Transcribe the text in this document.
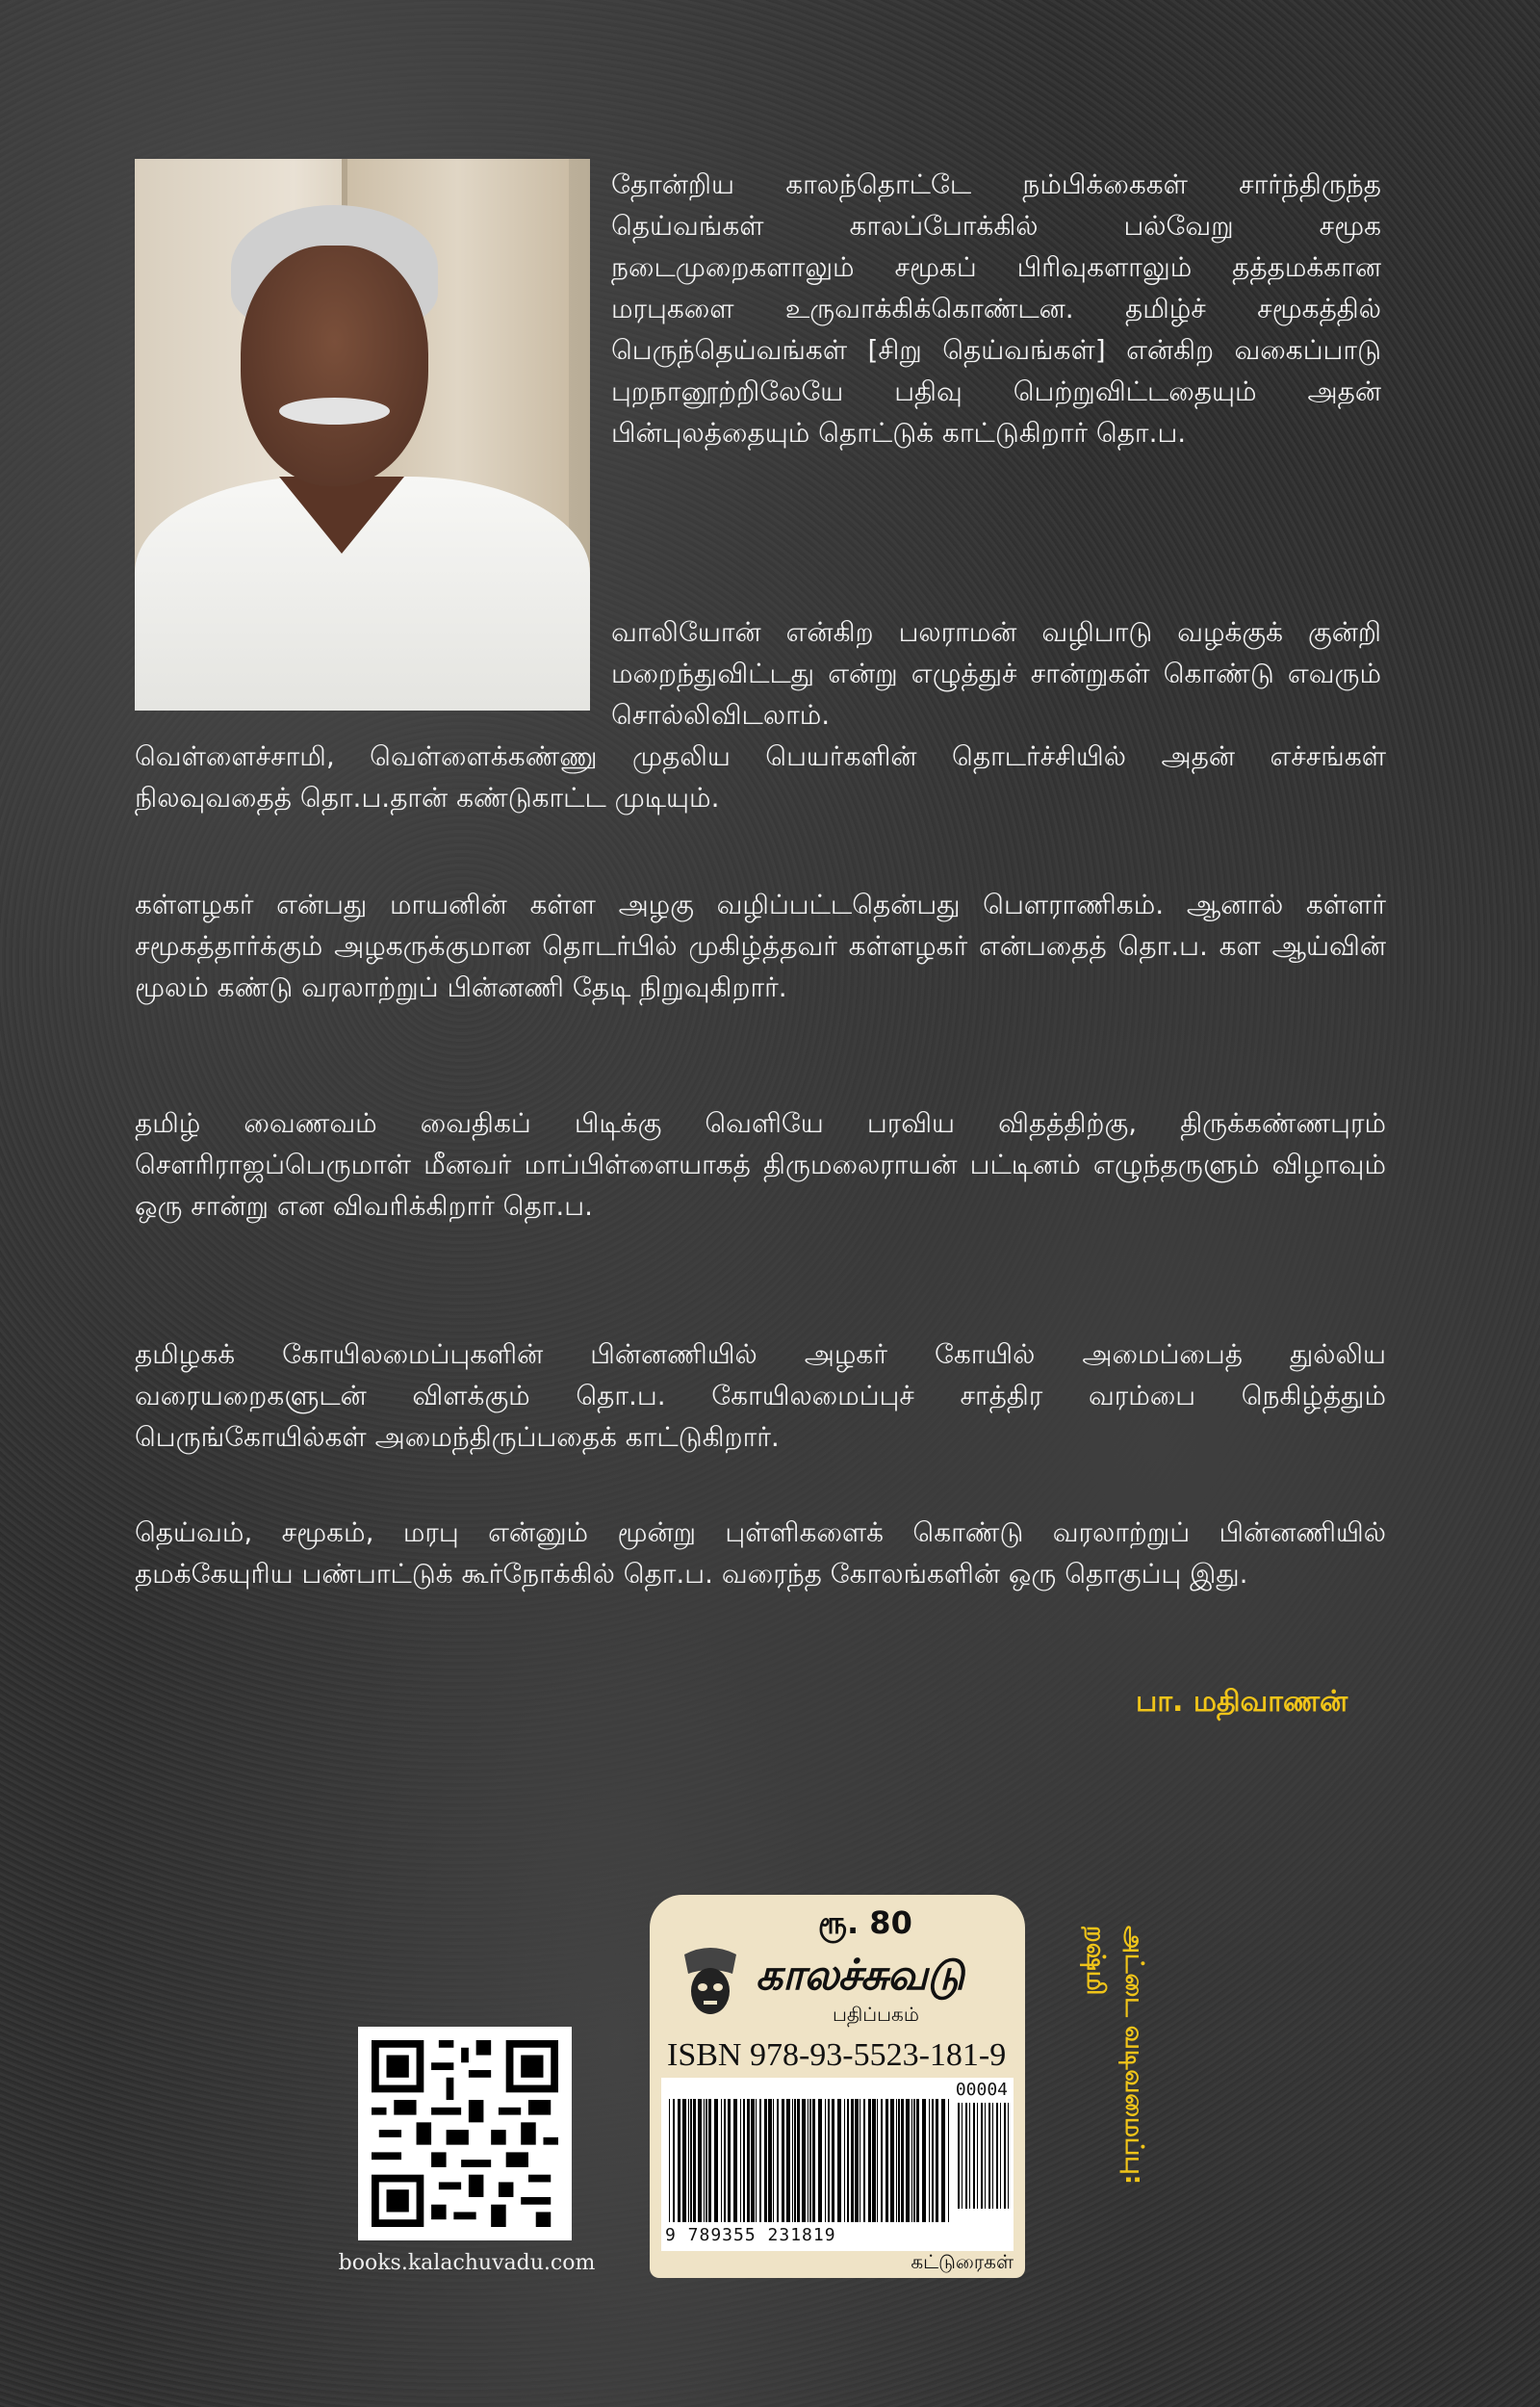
தோன்றிய காலந்தொட்டே நம்பிக்கைகள் சார்ந்திருந்த தெய்வங்கள் காலப்போக்கில் பல்வேறு சமூக நடைமுறைகளாலும் சமூகப் பிரிவுகளாலும் தத்தமக்கான மரபுகளை உருவாக்கிக்கொண்டன. தமிழ்ச் சமூகத்தில் பெருந்தெய்வங்கள் [சிறு தெய்வங்கள்] என்கிற வகைப்பாடு புறநானூற்றிலேயே பதிவு பெற்றுவிட்டதையும் அதன் பின்புலத்தையும் தொட்டுக் காட்டுகிறார் தொ.ப.
வாலியோன் என்கிற பலராமன் வழிபாடு வழக்குக் குன்றி மறைந்துவிட்டது என்று எழுத்துச் சான்றுகள் கொண்டு எவரும் சொல்லிவிடலாம்.
வெள்ளைச்சாமி, வெள்ளைக்கண்ணு முதலிய பெயர்களின் தொடர்ச்சியில் அதன் எச்சங்கள் நிலவுவதைத் தொ.ப.தான் கண்டுகாட்ட முடியும்.
கள்ளழகர் என்பது மாயனின் கள்ள அழகு வழிப்பட்டதென்பது பௌராணிகம். ஆனால் கள்ளர் சமூகத்தார்க்கும் அழகருக்குமான தொடர்பில் முகிழ்த்தவர் கள்ளழகர் என்பதைத் தொ.ப. கள ஆய்வின் மூலம் கண்டு வரலாற்றுப் பின்னணி தேடி நிறுவுகிறார்.
தமிழ் வைணவம் வைதிகப் பிடிக்கு வெளியே பரவிய விதத்திற்கு, திருக்கண்ணபுரம் சௌரிராஜப்பெருமாள் மீனவர் மாப்பிள்ளையாகத் திருமலைராயன் பட்டினம் எழுந்தருளும் விழாவும் ஒரு சான்று என விவரிக்கிறார் தொ.ப.
தமிழகக் கோயிலமைப்புகளின் பின்னணியில் அழகர் கோயில் அமைப்பைத் துல்லிய வரையறைகளுடன் விளக்கும் தொ.ப. கோயிலமைப்புச் சாத்திர வரம்பை நெகிழ்த்தும் பெருங்கோயில்கள் அமைந்திருப்பதைக் காட்டுகிறார்.
தெய்வம், சமூகம், மரபு என்னும் மூன்று புள்ளிகளைக் கொண்டு வரலாற்றுப் பின்னணியில் தமக்கேயுரிய பண்பாட்டுக் கூர்நோக்கில் தொ.ப. வரைந்த கோலங்களின் ஒரு தொகுப்பு இது.
பா. மதிவாணன்
books.kalachuvadu.com
ரூ. 80
காலச்சுவடு
பதிப்பகம்
ISBN 978-93-5523-181-9
00004
9 789355 231819
கட்டுரைகள்
அட்டை வடிவமைப்பு:
றஷ்மி
